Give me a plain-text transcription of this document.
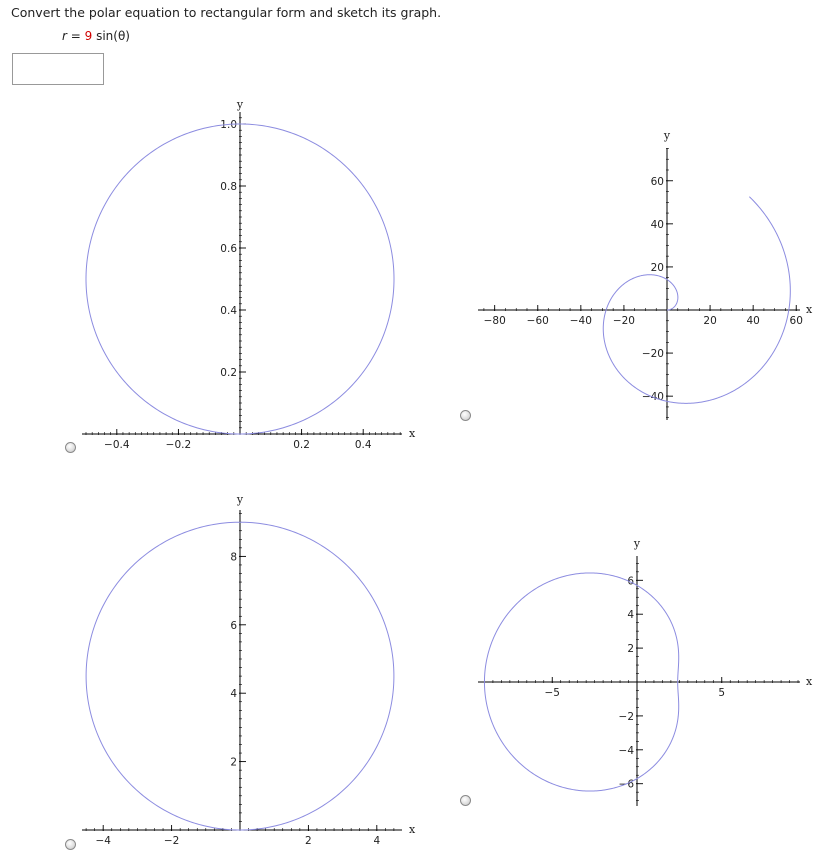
Convert the polar equation to rectangular form and sketch its graph.
r = 9 sin(θ)
−0.4	−0.2	0.2	0.4
0.2
0.4
0.6
0.8
1.0
x
y
−80 −60 −40 −20	20	40	60
−40
−20
20
40
60
x
y
−4	−2	2	4
2
4
6
8
x
y
−5	5
−6
−4
−2
2
4
6
x
y
